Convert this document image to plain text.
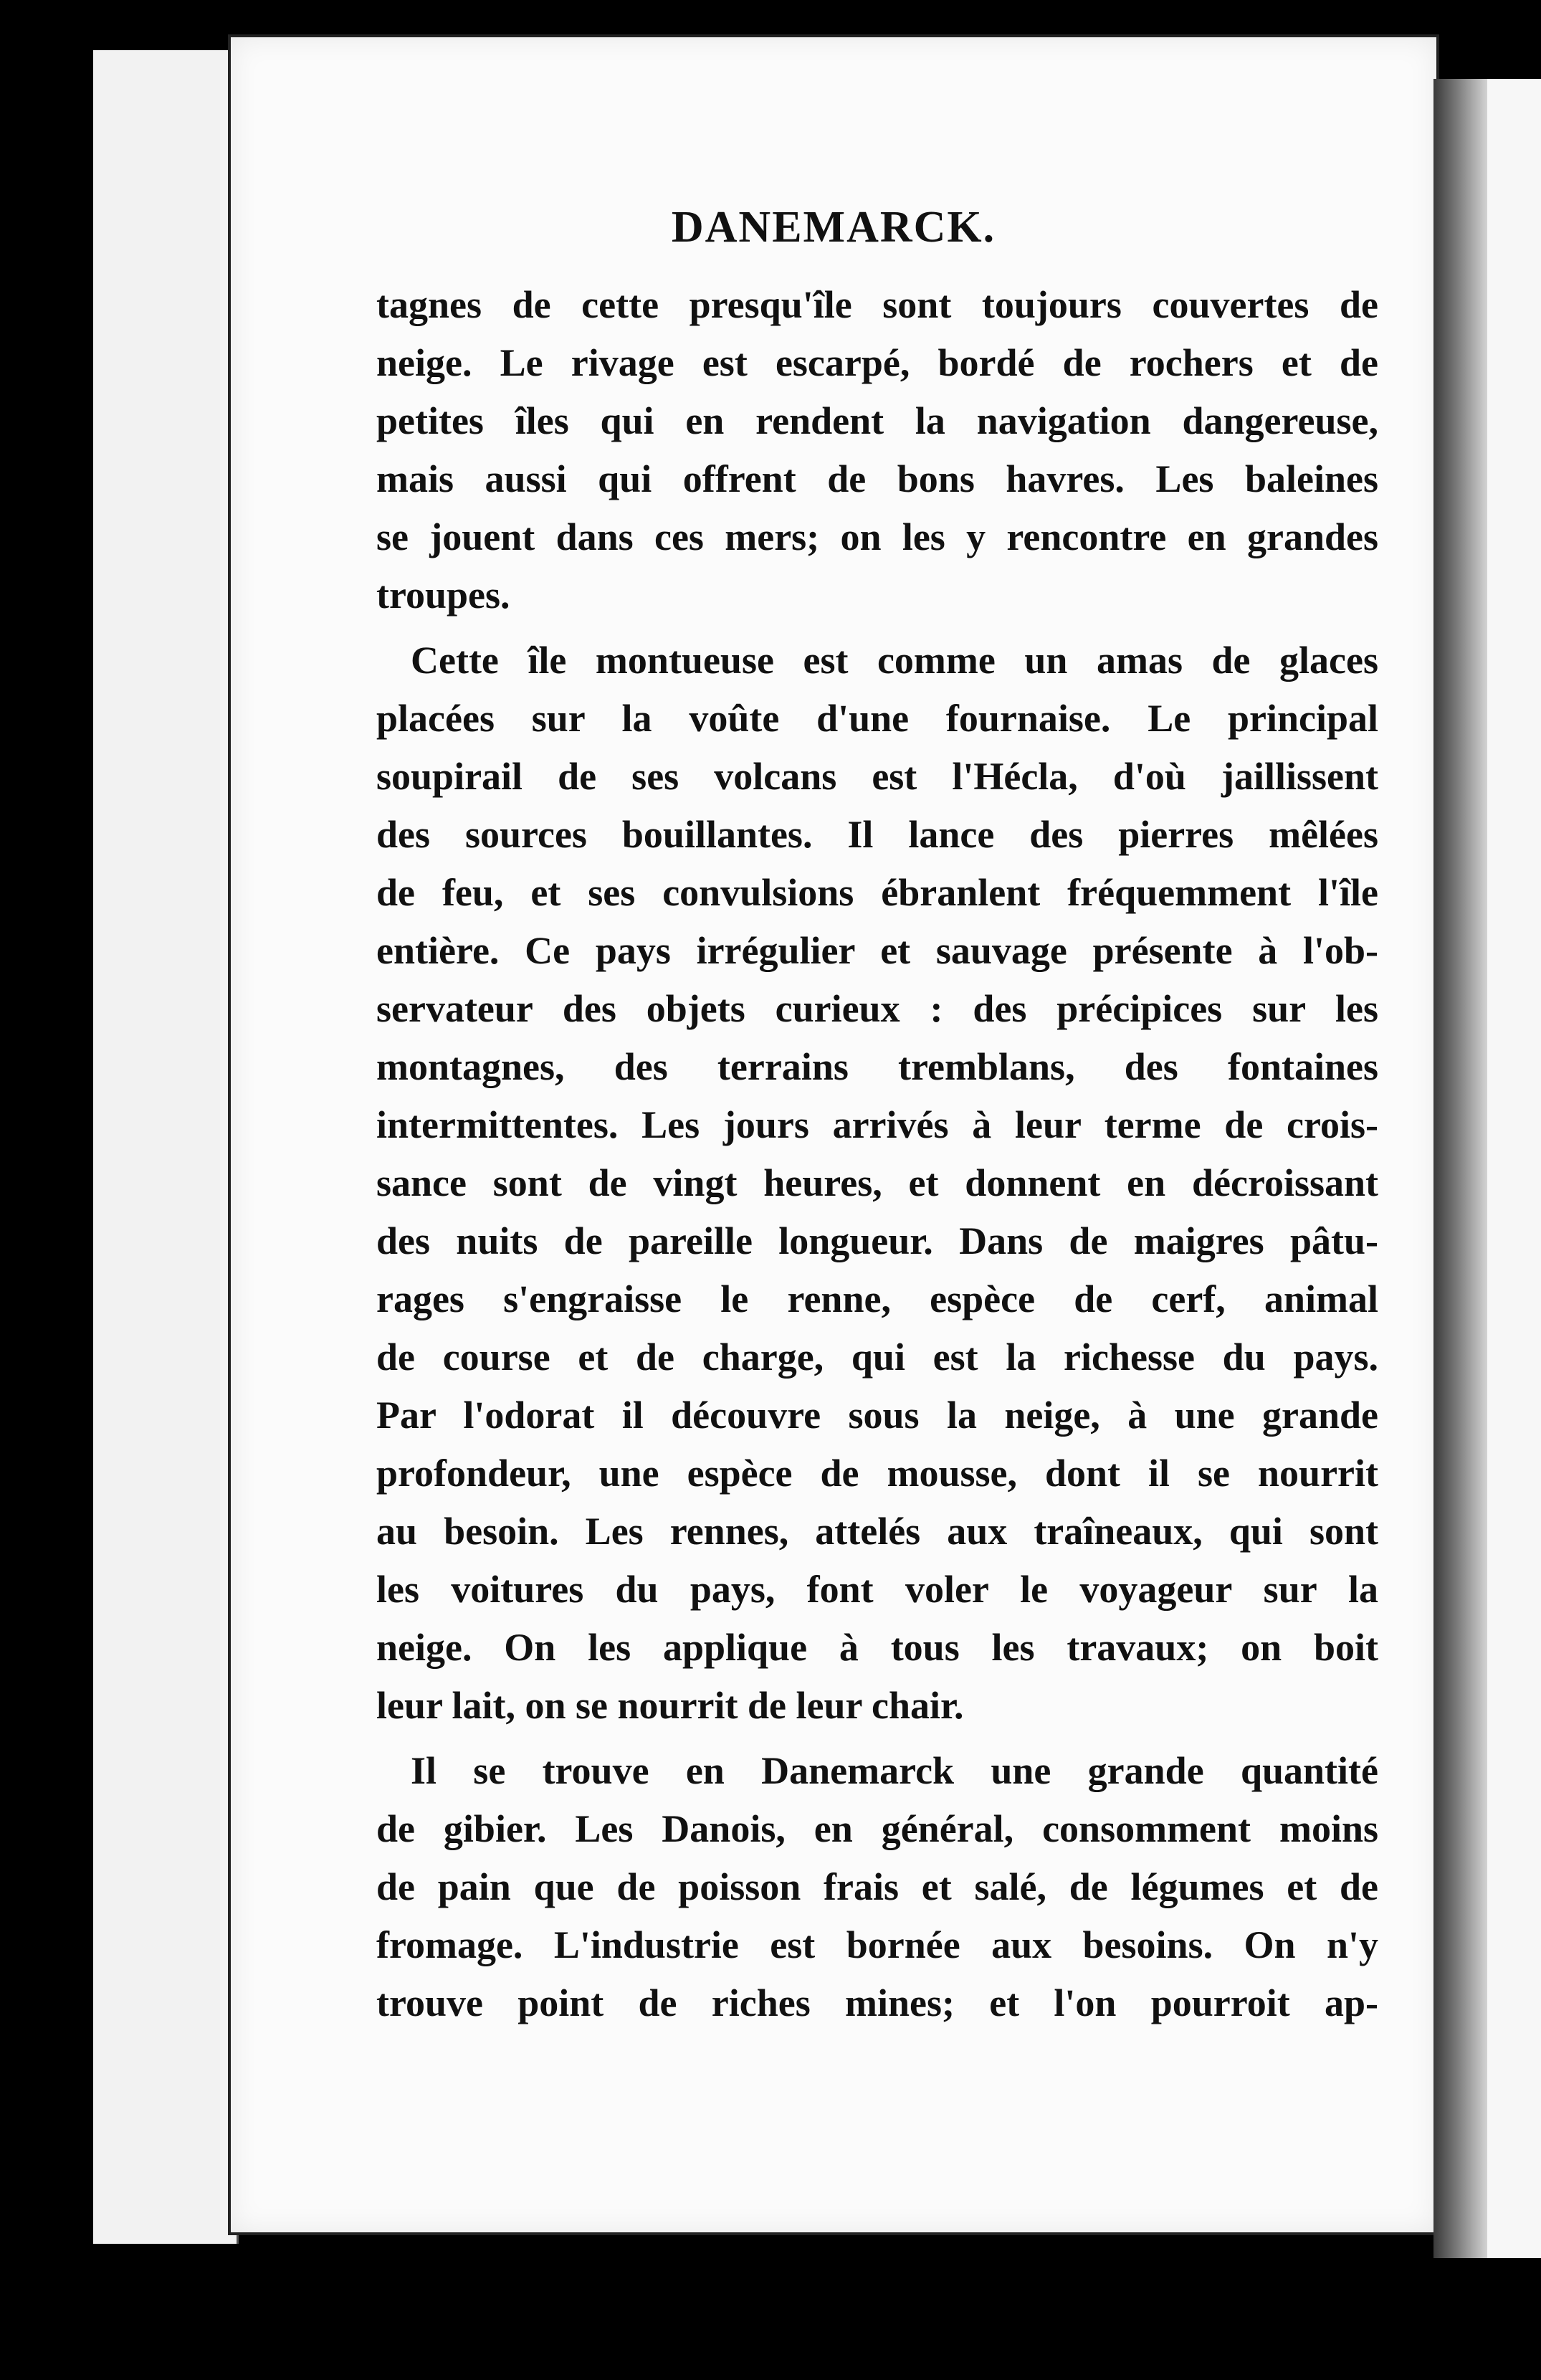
DANEMARCK.
tagnes de cette presqu'île sont toujours couvertes de
neige. Le rivage est escarpé, bordé de rochers et de
petites îles qui en rendent la navigation dangereuse,
mais aussi qui offrent de bons havres. Les baleines
se jouent dans ces mers; on les y rencontre en grandes
troupes.
Cette île montueuse est comme un amas de glaces
placées sur la voûte d'une fournaise. Le principal
soupirail de ses volcans est l'Hécla, d'où jaillissent
des sources bouillantes. Il lance des pierres mêlées
de feu, et ses convulsions ébranlent fréquemment l'île
entière. Ce pays irrégulier et sauvage présente à l'ob-
servateur des objets curieux : des précipices sur les
montagnes, des terrains tremblans, des fontaines
intermittentes. Les jours arrivés à leur terme de crois-
sance sont de vingt heures, et donnent en décroissant
des nuits de pareille longueur. Dans de maigres pâtu-
rages s'engraisse le renne, espèce de cerf, animal
de course et de charge, qui est la richesse du pays.
Par l'odorat il découvre sous la neige, à une grande
profondeur, une espèce de mousse, dont il se nourrit
au besoin. Les rennes, attelés aux traîneaux, qui sont
les voitures du pays, font voler le voyageur sur la
neige. On les applique à tous les travaux; on boit
leur lait, on se nourrit de leur chair.
Il se trouve en Danemarck une grande quantité
de gibier. Les Danois, en général, consomment moins
de pain que de poisson frais et salé, de légumes et de
fromage. L'industrie est bornée aux besoins. On n'y
trouve point de riches mines; et l'on pourroit ap-
